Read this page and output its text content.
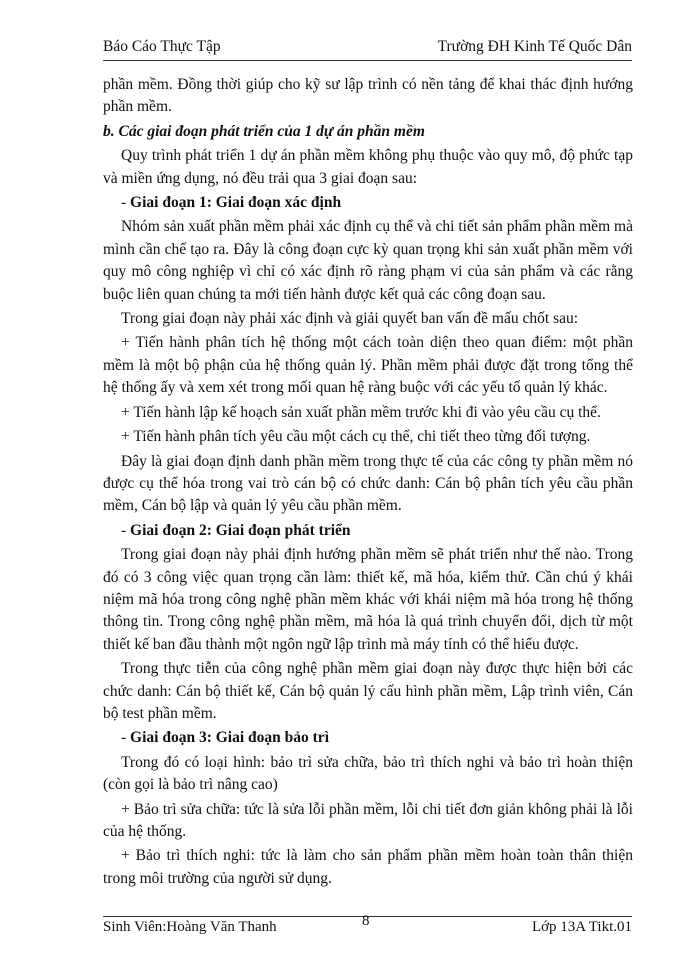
Báo Cáo Thực Tập	Trường ĐH Kinh Tế Quốc Dân

phần mềm. Đồng thời giúp cho kỹ sư lập trình có nền tảng để khai thác định hướng phần mềm.

b. Các giai đoạn phát triển của 1 dự án phần mềm

Quy trình phát triển 1 dự án phần mềm không phụ thuộc vào quy mô, độ phức tạp và miền ứng dụng, nó đều trải qua 3 giai đoạn sau:

- Giai đoạn 1: Giai đoạn xác định

Nhóm sản xuất phần mềm phải xác định cụ thể và chi tiết sản phẩm phần mềm mà mình cần chế tạo ra. Đây là công đoạn cực kỳ quan trọng khi sản xuất phần mềm với quy mô công nghiệp vì chỉ có xác định rõ ràng phạm vi của sản phẩm và các rằng buộc liên quan chúng ta mới tiến hành được kết quả các công đoạn sau.

Trong giai đoạn này phải xác định và giải quyết ban vấn đề mấu chốt sau:

+ Tiến hành phân tích hệ thống một cách toàn diện theo quan điểm: một phần mềm là một bộ phận của hệ thống quản lý. Phần mềm phải được đặt trong tổng thể hệ thống ấy và xem xét trong mối quan hệ ràng buộc với các yếu tố quản lý khác.

+ Tiến hành lập kế hoạch sản xuất phần mềm trước khi đi vào yêu cầu cụ thể.

+ Tiến hành phân tích yêu cầu một cách cụ thể, chi tiết theo từng đối tượng.

Đây là giai đoạn định danh phần mềm trong thực tế của các công ty phần mềm nó được cụ thể hóa trong vai trò cán bộ có chức danh: Cán bộ phân tích yêu cầu phần mềm, Cán bộ lập và quản lý yêu cầu phần mềm.

- Giai đoạn 2: Giai đoạn phát triển

Trong giai đoạn này phải định hướng phần mềm sẽ phát triển như thế nào. Trong đó có 3 công việc quan trọng cần làm: thiết kế, mã hóa, kiểm thử. Cần chú ý khái niệm mã hóa trong công nghệ phần mềm khác với khái niệm mã hóa trong hệ thống thông tin. Trong công nghệ phần mềm, mã hóa là quá trình chuyển đổi, dịch từ một thiết kế ban đầu thành một ngôn ngữ lập trình mà máy tính có thể hiểu được.

Trong thực tiễn của công nghệ phần mềm giai đoạn này được thực hiện bởi các chức danh: Cán bộ thiết kế, Cán bộ quản lý cấu hình phần mềm, Lập trình viên, Cán bộ test phần mềm.

- Giai đoạn 3: Giai đoạn bảo trì

Trong đó có loại hình: bảo trì sửa chữa, bảo trì thích nghi và bảo trì hoàn thiện (còn gọi là bảo trì nâng cao)

+ Bảo trì sửa chữa: tức là sửa lỗi phần mềm, lỗi chi tiết đơn giản không phải là lỗi của hệ thống.

+ Bảo trì thích nghi: tức là làm cho sản phẩm phần mềm hoàn toàn thân thiện trong môi trường của người sử dụng.

Sinh Viên:Hoàng Văn Thanh	8	Lớp 13A Tikt.01
